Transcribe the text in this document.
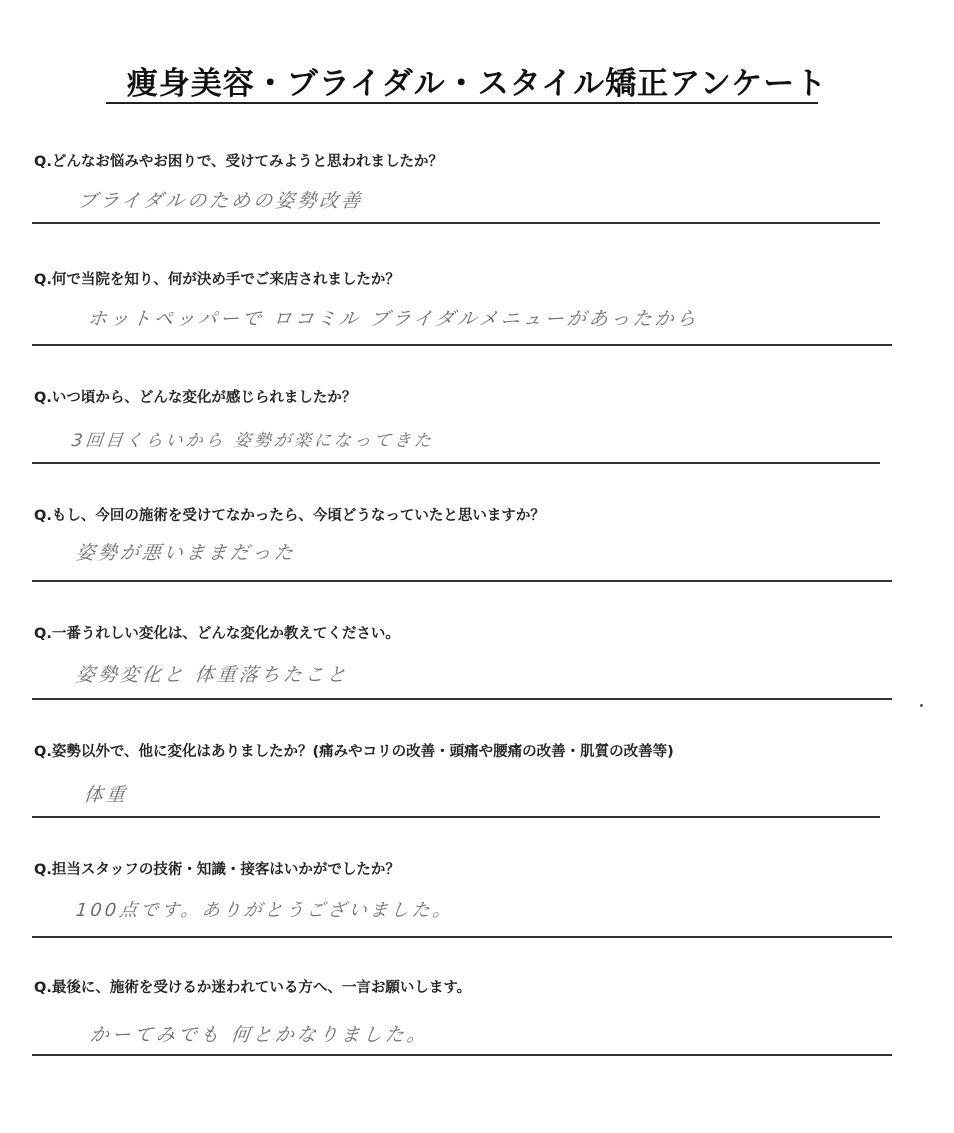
痩身美容・ブライダル・スタイル矯正アンケート

Q.どんなお悩みやお困りで、受けてみようと思われましたか？

ブライダルのための姿勢改善

Q.何で当院を知り、何が決め手でご来店されましたか？

ホットペッパーで ロコミル ブライダルメニューがあったから

Q.いつ頃から、どんな変化が感じられましたか？

3回目くらいから 姿勢が楽になってきた

Q.もし、今回の施術を受けてなかったら、今頃どうなっていたと思いますか？

姿勢が悪いままだった

Q.一番うれしい変化は、どんな変化か教えてください。

姿勢変化と 体重落ちたこと

Q.姿勢以外で、他に変化はありましたか？(痛みやコリの改善・頭痛や腰痛の改善・肌質の改善等)

体重

Q.担当スタッフの技術・知識・接客はいかがでしたか？

100点です。ありがとうございました。

Q.最後に、施術を受けるか迷われている方へ、一言お願いします。

かーてみでも 何とかなりました。
